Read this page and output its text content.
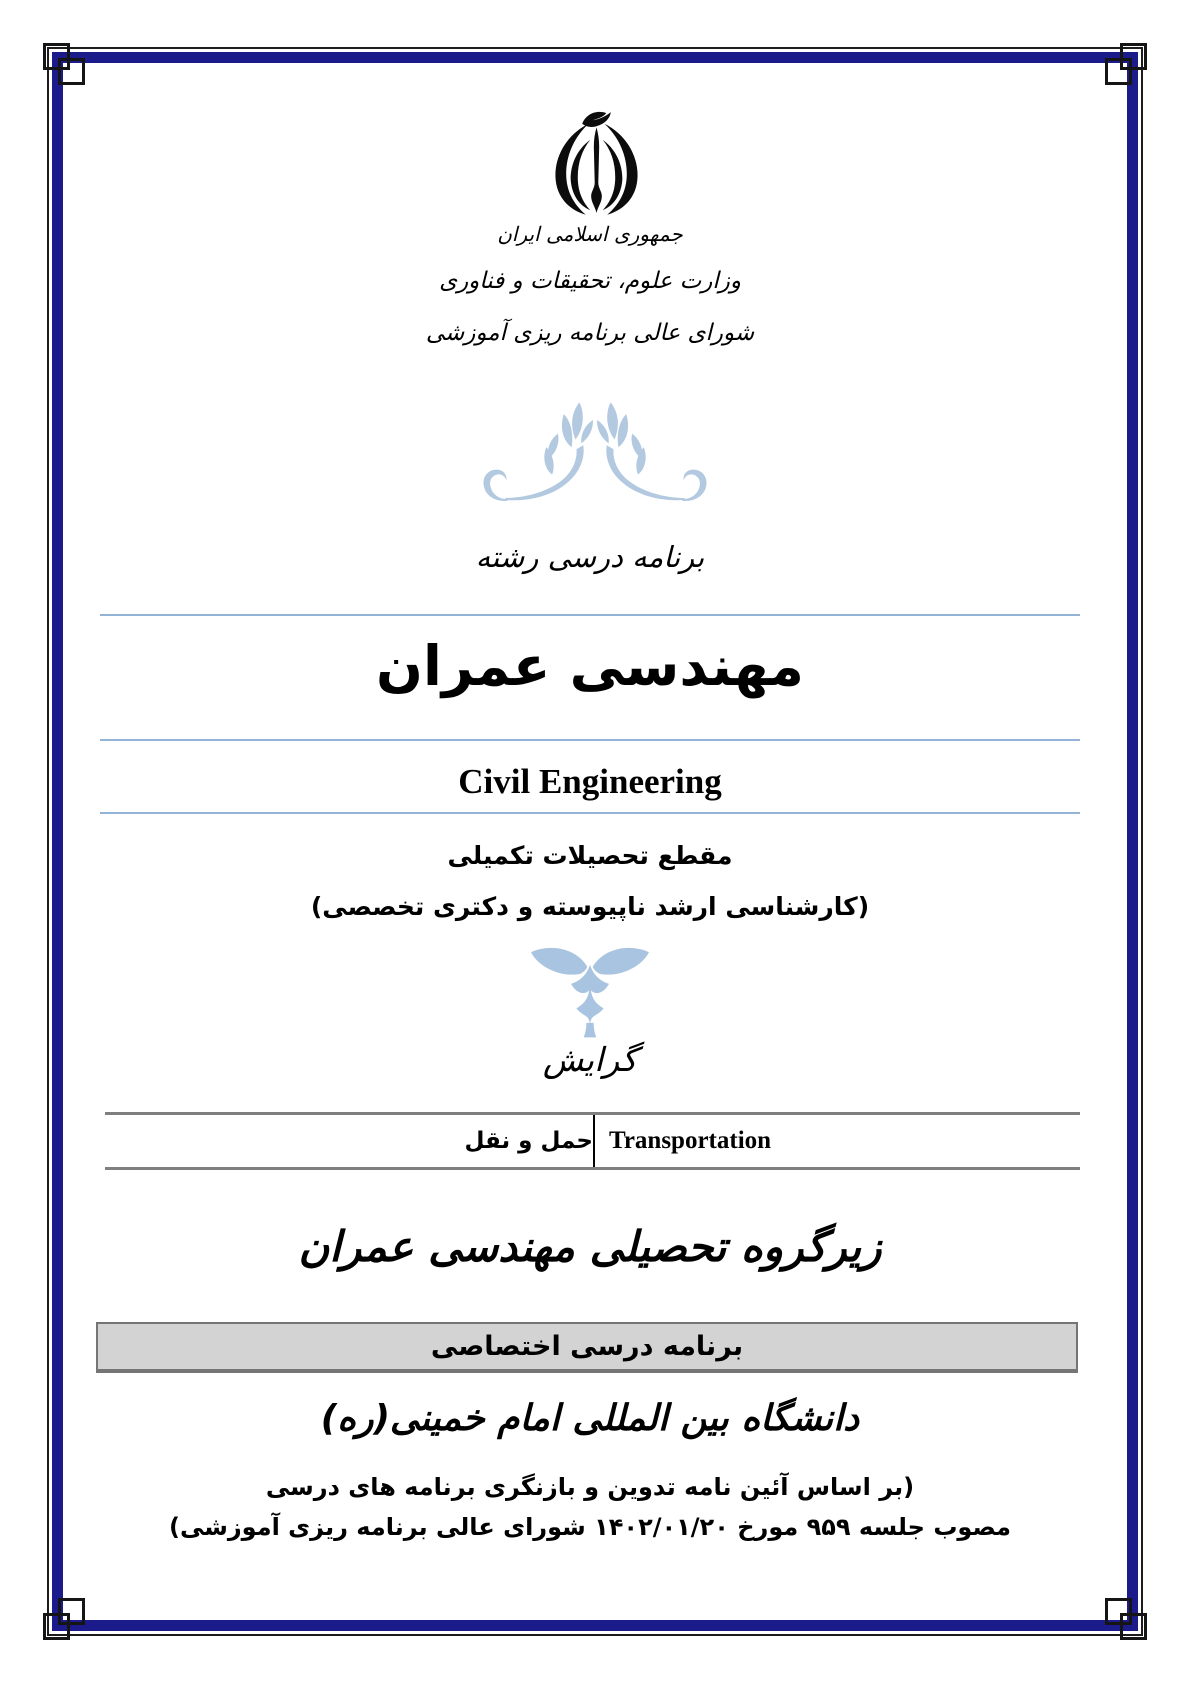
جمهوری اسلامی ایران
وزارت علوم، تحقیقات و فناوری
شورای عالی برنامه ریزی آموزشی
برنامه درسی رشته
مهندسی عمران
Civil Engineering
مقطع تحصیلات تکمیلی
(کارشناسی ارشد ناپیوسته و دکتری تخصصی)
گرایش
حمل و نقل Transportation
زیرگروه تحصیلی مهندسی عمران
برنامه درسی اختصاصی
دانشگاه بین المللی امام خمینی(ره)
(بر اساس آئین نامه تدوین و بازنگری برنامه های درسی
مصوب جلسه ۹۵۹ مورخ ۱۴۰۲/۰۱/۲۰ شورای عالی برنامه ریزی آموزشی)
